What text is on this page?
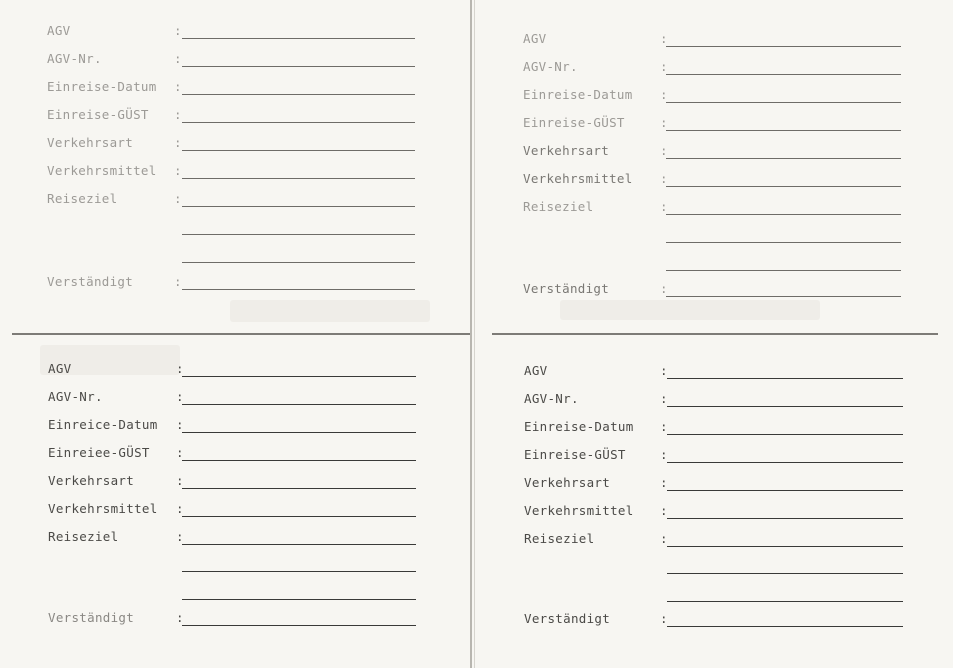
AGV	:
AGV-Nr.	:
Einreise-Datum :
Einreise-GÜST :
Verkehrsart	:
Verkehrsmittel :
Reiseziel	:
Verständigt	:
AGV	:
AGV-Nr.	:
Einreise-Datum :
Einreise-GÜST	:
Verkehrsart	:
Verkehrsmittel :
Reiseziel	:
Verständigt	:
AGV	:
AGV-Nr.	:
Einreice-Datum :
Einreiee-GÜST :
Verkehrsart	:
Verkehrsmittel :
Reiseziel	:
Verständigt	:
AGV	:
AGV-Nr.	:
Einreise-Datum :
Einreise-GÜST	:
Verkehrsart	:
Verkehrsmittel :
Reiseziel	:
Verständigt	:
